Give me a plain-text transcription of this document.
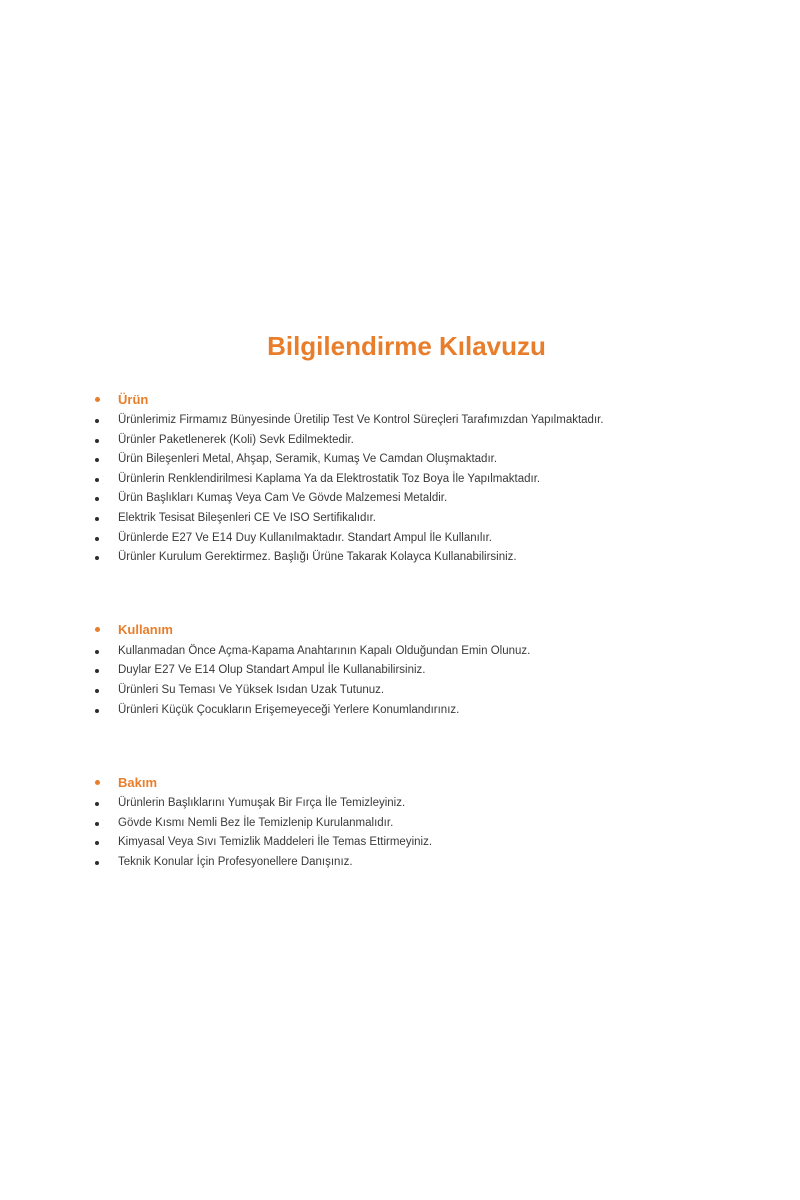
Bilgilendirme Kılavuzu
Ürün
Ürünlerimiz Firmamız Bünyesinde Üretilip Test Ve Kontrol Süreçleri Tarafımızdan Yapılmaktadır.
Ürünler Paketlenerek (Koli) Sevk Edilmektedir.
Ürün Bileşenleri Metal, Ahşap, Seramik, Kumaş Ve Camdan Oluşmaktadır.
Ürünlerin Renklendirilmesi Kaplama Ya da Elektrostatik Toz Boya İle Yapılmaktadır.
Ürün Başlıkları Kumaş Veya Cam Ve Gövde Malzemesi Metaldir.
Elektrik Tesisat Bileşenleri CE Ve ISO Sertifikalıdır.
Ürünlerde E27 Ve E14 Duy Kullanılmaktadır. Standart Ampul İle Kullanılır.
Ürünler Kurulum Gerektirmez. Başlığı Ürüne Takarak Kolayca Kullanabilirsiniz.
Kullanım
Kullanmadan Önce Açma-Kapama Anahtarının Kapalı Olduğundan Emin Olunuz.
Duylar E27 Ve E14 Olup Standart Ampul İle Kullanabilirsiniz.
Ürünleri Su Teması Ve Yüksek Isıdan Uzak Tutunuz.
Ürünleri Küçük Çocukların Erişemeyeceği Yerlere Konumlandırınız.
Bakım
Ürünlerin Başlıklarını Yumuşak Bir Fırça İle Temizleyiniz.
Gövde Kısmı Nemli Bez İle Temizlenip Kurulanmalıdır.
Kimyasal Veya Sıvı Temizlik Maddeleri İle Temas Ettirmeyiniz.
Teknik Konular İçin Profesyonellere Danışınız.
